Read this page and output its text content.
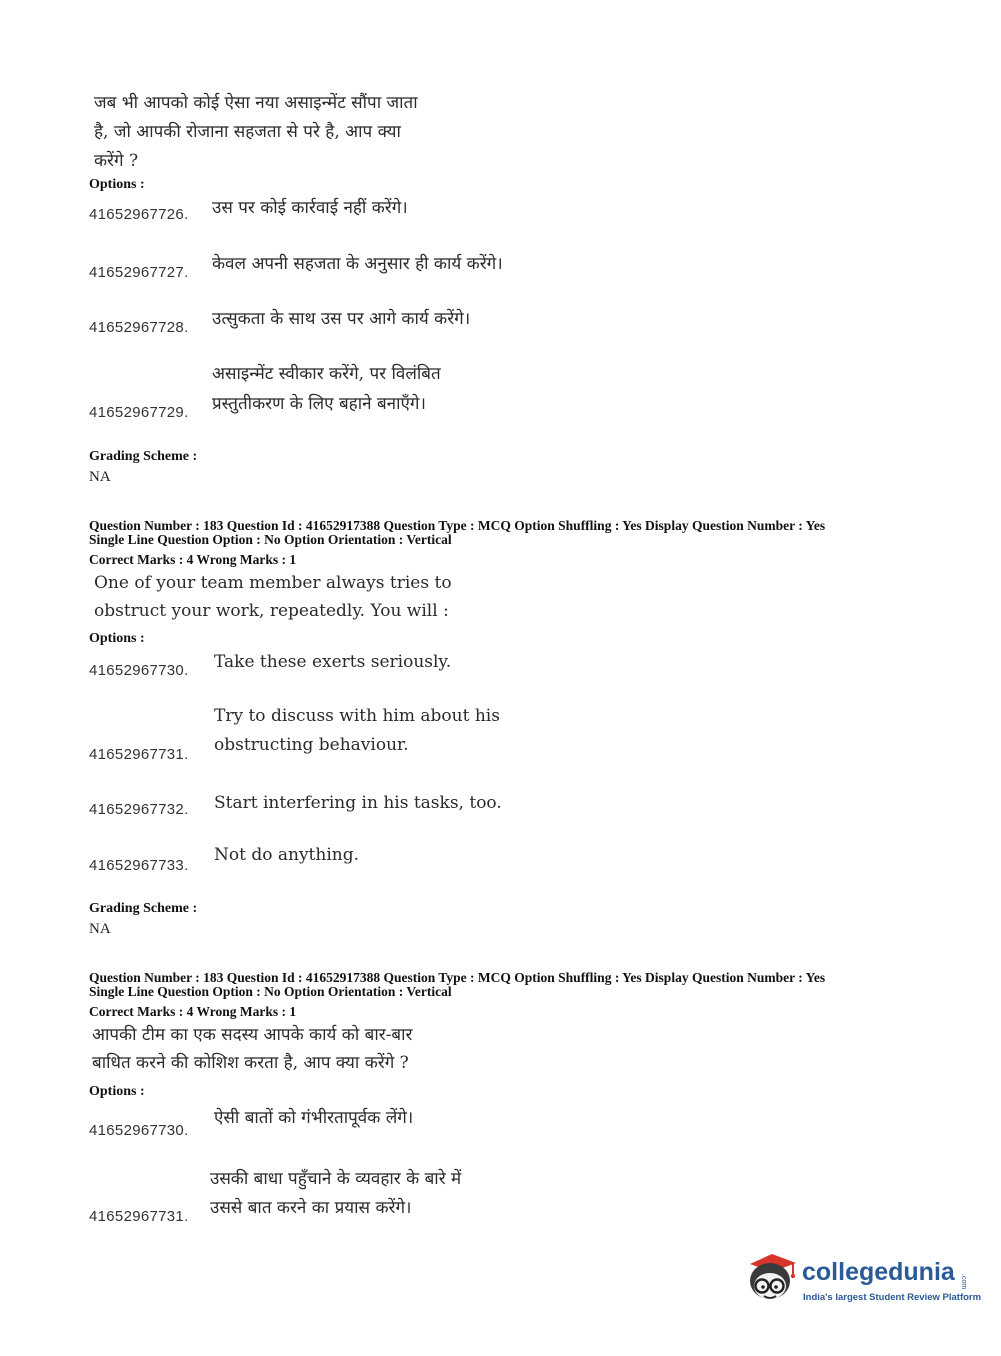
जब भी आपको कोई ऐसा नया असाइन्मेंट सौंपा जाता
है, जो आपकी रोजाना सहजता से परे है, आप क्या
करेंगे ?
Options :
41652967726. उस पर कोई कार्रवाई नहीं करेंगे।
41652967727. केवल अपनी सहजता के अनुसार ही कार्य करेंगे।
41652967728. उत्सुकता के साथ उस पर आगे कार्य करेंगे।
असाइन्मेंट स्वीकार करेंगे, पर विलंबित
41652967729. प्रस्तुतीकरण के लिए बहाने बनाएँगे।
Grading Scheme :
NA
Question Number : 183 Question Id : 41652917388 Question Type : MCQ Option Shuffling : Yes Display Question Number : Yes
Single Line Question Option : No Option Orientation : Vertical
Correct Marks : 4 Wrong Marks : 1
One of your team member always tries to
obstruct your work, repeatedly. You will :
Options :
41652967730. Take these exerts seriously.
Try to discuss with him about his
41652967731. obstructing behaviour.
41652967732. Start interfering in his tasks, too.
41652967733.
Not do anything.
Grading Scheme :
NA
Question Number : 183 Question Id : 41652917388 Question Type : MCQ Option Shuffling : Yes Display Question Number : Yes
Single Line Question Option : No Option Orientation : Vertical
Correct Marks : 4 Wrong Marks : 1
आपकी टीम का एक सदस्य आपके कार्य को बार-बार
बाधित करने की कोशिश करता है, आप क्या करेंगे ?
Options :
41652967730.
ऐसी बातों को गंभीरतापूर्वक लेंगे।
उसकी बाधा पहुँचाने के व्यवहार के बारे में
41652967731. उससे बात करने का प्रयास करेंगे।
collegedunia .com
India's largest Student Review Platform
